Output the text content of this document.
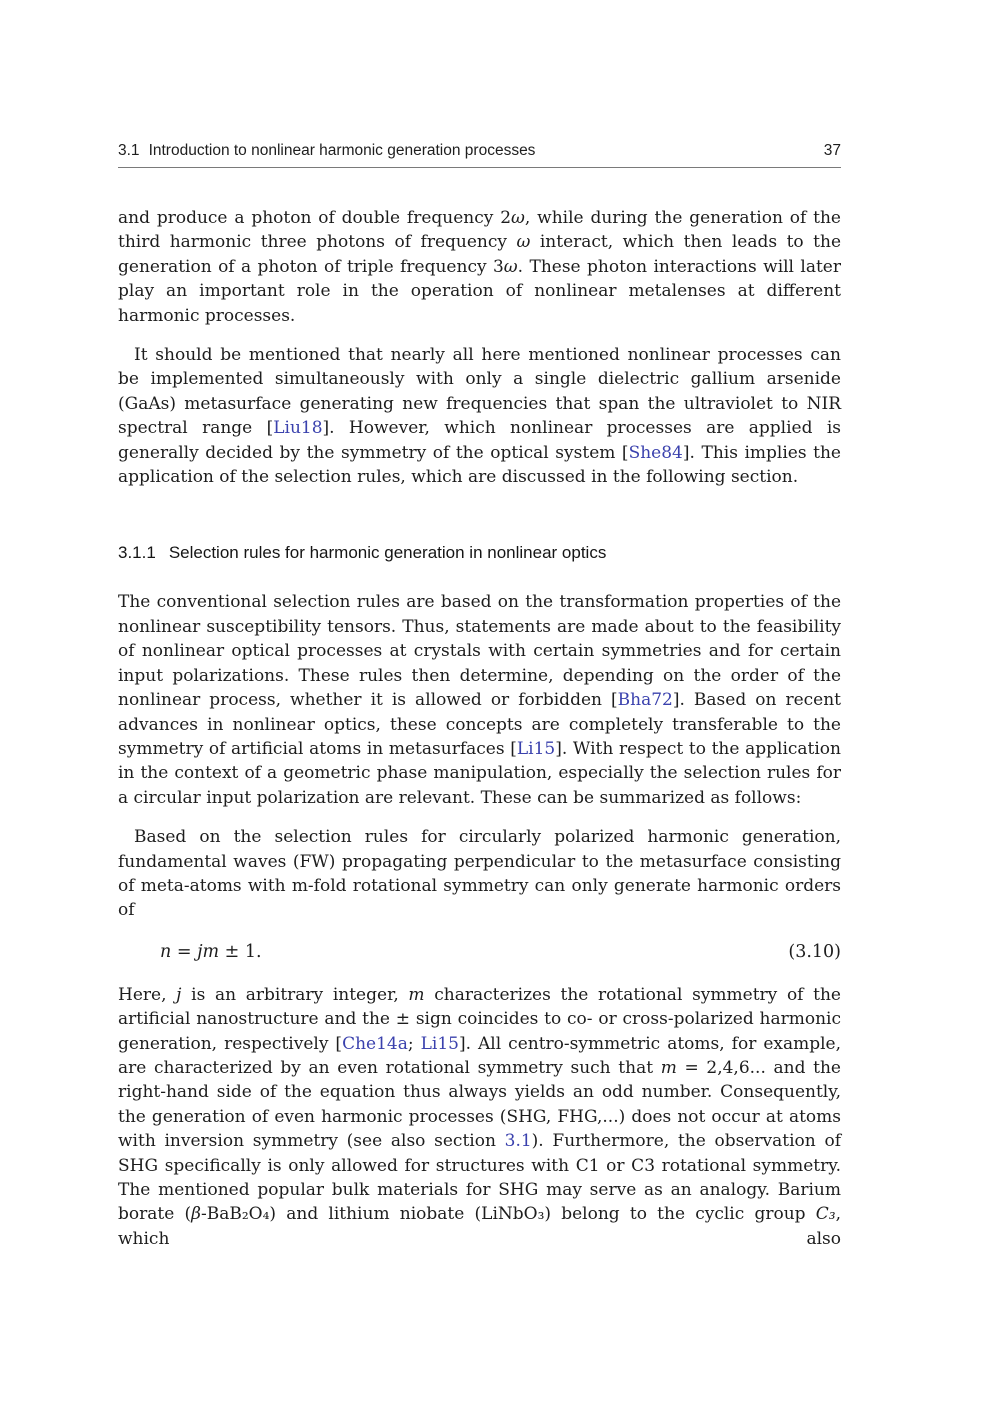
3.1 Introduction to nonlinear harmonic generation processes	37

and produce a photon of double frequency 2ω, while during the generation of the third harmonic three photons of frequency ω interact, which then leads to the generation of a photon of triple frequency 3ω. These photon interactions will later play an important role in the operation of nonlinear metalenses at different harmonic processes.

It should be mentioned that nearly all here mentioned nonlinear processes can be implemented simultaneously with only a single dielectric gallium arsenide (GaAs) metasurface generating new frequencies that span the ultraviolet to NIR spectral range [Liu18]. However, which nonlinear processes are applied is generally decided by the symmetry of the optical system [She84]. This implies the application of the selection rules, which are discussed in the following section.

3.1.1 Selection rules for harmonic generation in nonlinear optics

The conventional selection rules are based on the transformation properties of the nonlinear susceptibility tensors. Thus, statements are made about to the feasibility of nonlinear optical processes at crystals with certain symmetries and for certain input polarizations. These rules then determine, depending on the order of the nonlinear process, whether it is allowed or forbidden [Bha72]. Based on recent advances in nonlinear optics, these concepts are completely transferable to the symmetry of artificial atoms in metasurfaces [Li15]. With respect to the application in the context of a geometric phase manipulation, especially the selection rules for a circular input polarization are relevant. These can be summarized as follows:

Based on the selection rules for circularly polarized harmonic generation, fundamental waves (FW) propagating perpendicular to the metasurface consisting of meta-atoms with m-fold rotational symmetry can only generate harmonic orders of

n = jm ± 1.	(3.10)

Here, j is an arbitrary integer, m characterizes the rotational symmetry of the artificial nanostructure and the ± sign coincides to co- or cross-polarized harmonic generation, respectively [Che14a; Li15]. All centro-symmetric atoms, for example, are characterized by an even rotational symmetry such that m = 2,4,6... and the right-hand side of the equation thus always yields an odd number. Consequently, the generation of even harmonic processes (SHG, FHG,...) does not occur at atoms with inversion symmetry (see also section 3.1). Furthermore, the observation of SHG specifically is only allowed for structures with C1 or C3 rotational symmetry. The mentioned popular bulk materials for SHG may serve as an analogy. Barium borate (β-BaB₂O₄) and lithium niobate (LiNbO₃) belong to the cyclic group C₃, which also
